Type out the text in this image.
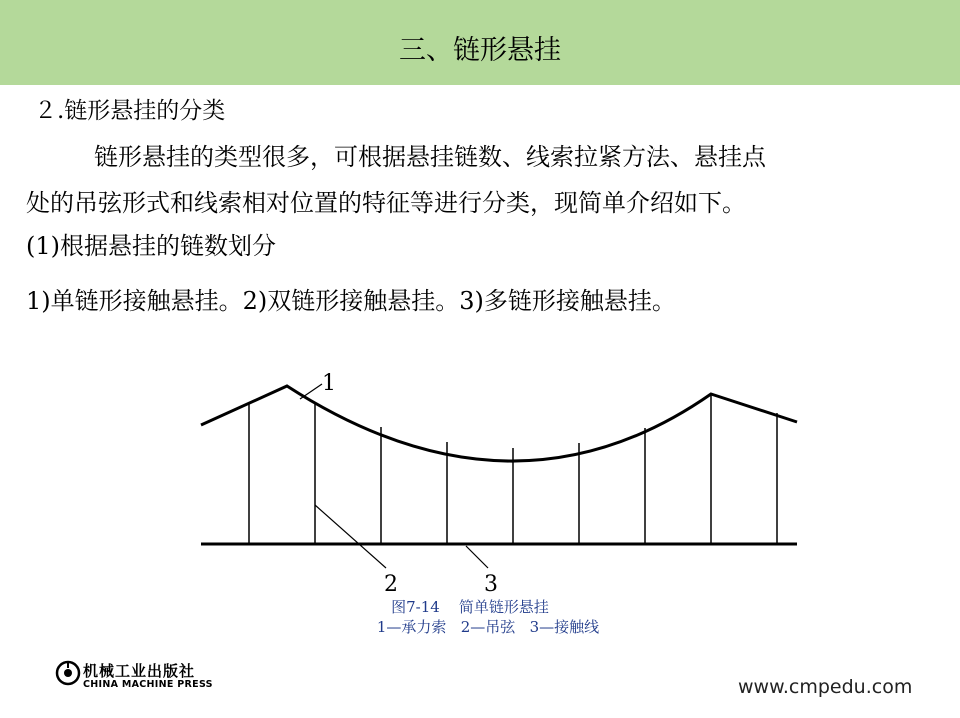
三、链形悬挂
２.链形悬挂的分类
链形悬挂的类型很多，可根据悬挂链数、线索拉紧方法、悬挂点
处的吊弦形式和线索相对位置的特征等进行分类，现简单介绍如下。
(1)根据悬挂的链数划分
1)单链形接触悬挂。2)双链形接触悬挂。3)多链形接触悬挂。
1
2	3
图7-14    简单链形悬挂
1—承力索   2—吊弦   3—接触线
机械工业出版社
CHINA MACHINE PRESS	www.cmpedu.com
